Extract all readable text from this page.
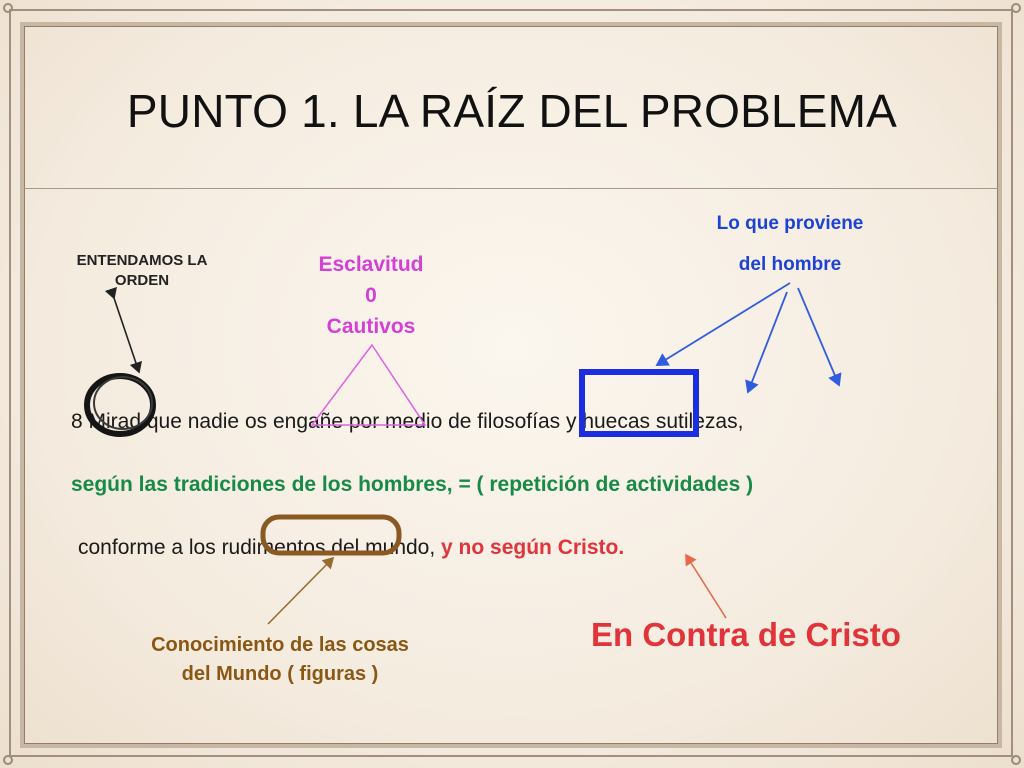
PUNTO 1. LA RAÍZ DEL PROBLEMA
ENTENDAMOS LA
ORDEN
Esclavitud
0
Cautivos
Lo que proviene
del hombre
8 Mirad que nadie os engañe por medio de filosofías y huecas sutilezas,
según las tradiciones de los hombres, = ( repetición de actividades )
conforme a los rudimentos del mundo, y no según Cristo.
Conocimiento de las cosas
del Mundo ( figuras )
En Contra de Cristo
